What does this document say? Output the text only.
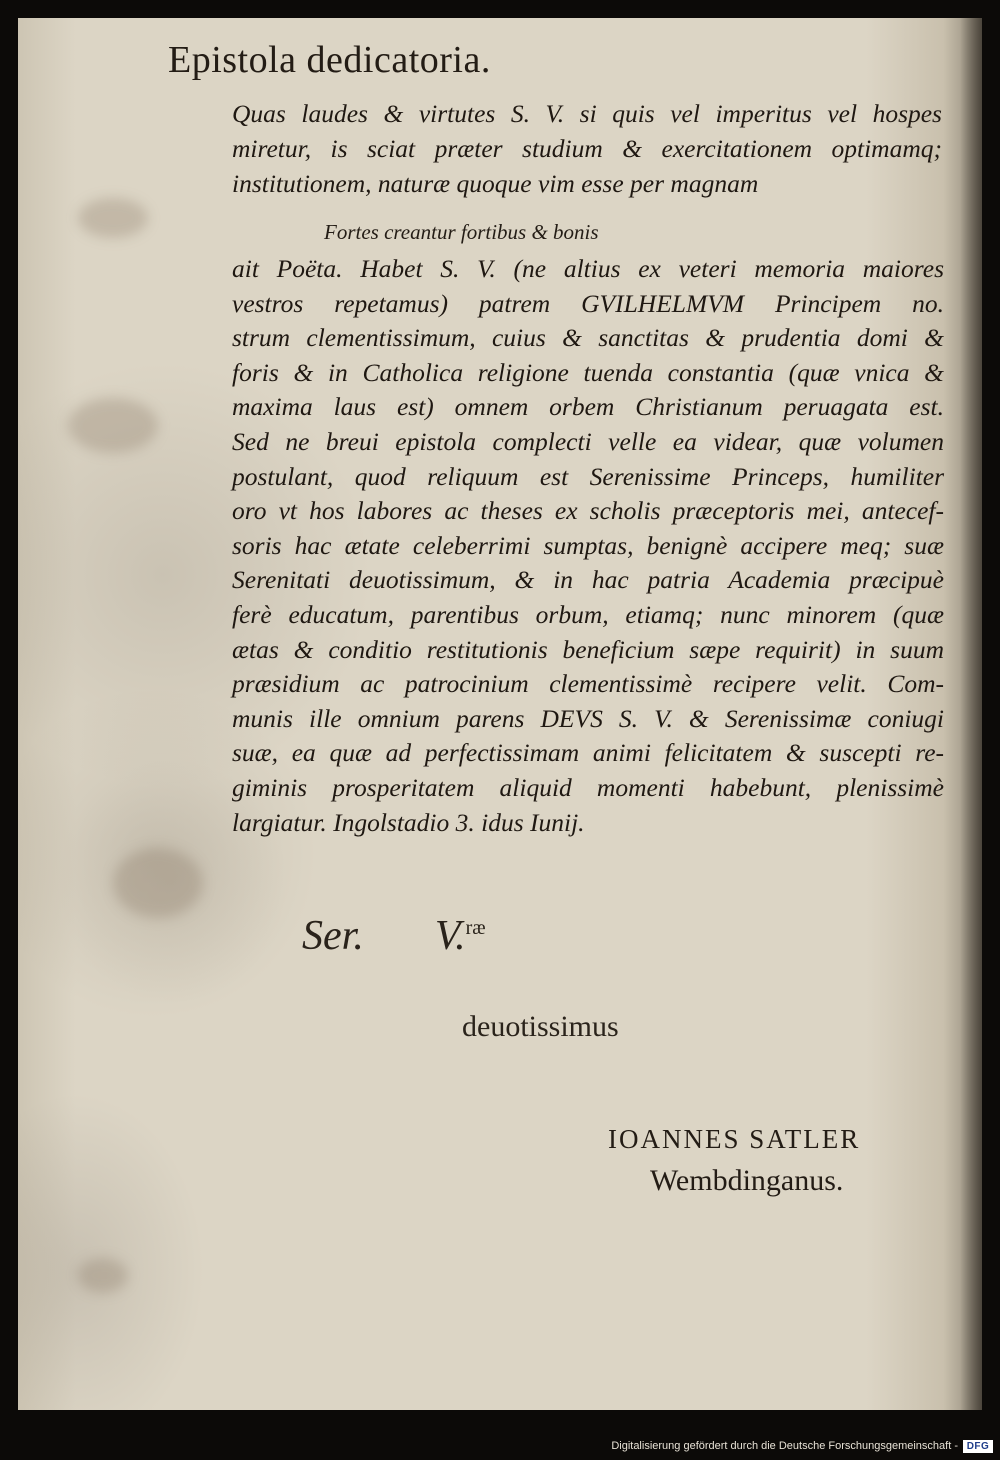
Epistola dedicatoria.
Quas laudes & virtutes S. V. si quis vel imperitus vel hospes
miretur, is sciat præter studium & exercitationem optimamq;
institutionem, naturæ quoque vim esse per magnam
Fortes creantur fortibus & bonis
ait Poëta. Habet S. V. (ne altius ex veteri memoria maiores
vestros repetamus) patrem GVILHELMVM Principem no.
strum clementissimum, cuius & sanctitas & prudentia domi &
foris & in Catholica religione tuenda constantia (quæ vnica &
maxima laus est) omnem orbem Christianum peruagata est.
Sed ne breui epistola complecti velle ea videar, quæ volumen
postulant, quod reliquum est Serenissime Princeps, humiliter
oro vt hos labores ac theses ex scholis præceptoris mei, antecef-
soris hac ætate celeberrimi sumptas, benignè accipere meq; suæ
Serenitati deuotissimum, & in hac patria Academia præcipuè
ferè educatum, parentibus orbum, etiamq; nunc minorem (quæ
ætas & conditio restitutionis beneficium sæpe requirit) in suum
præsidium ac patrocinium clementissimè recipere velit. Com-
munis ille omnium parens DEVS S. V. & Serenissimæ coniugi
suæ, ea quæ ad perfectissimam animi felicitatem & suscepti re-
giminis prosperitatem aliquid momenti habebunt, plenissimè
largiatur. Ingolstadio 3. idus Iunij.
Ser. V.$^{ræ}$
deuotissimus
IOANNES SATLER
Wembdinganus.
Digitalisierung gefördert durch die Deutsche Forschungsgemeinschaft - DFG
